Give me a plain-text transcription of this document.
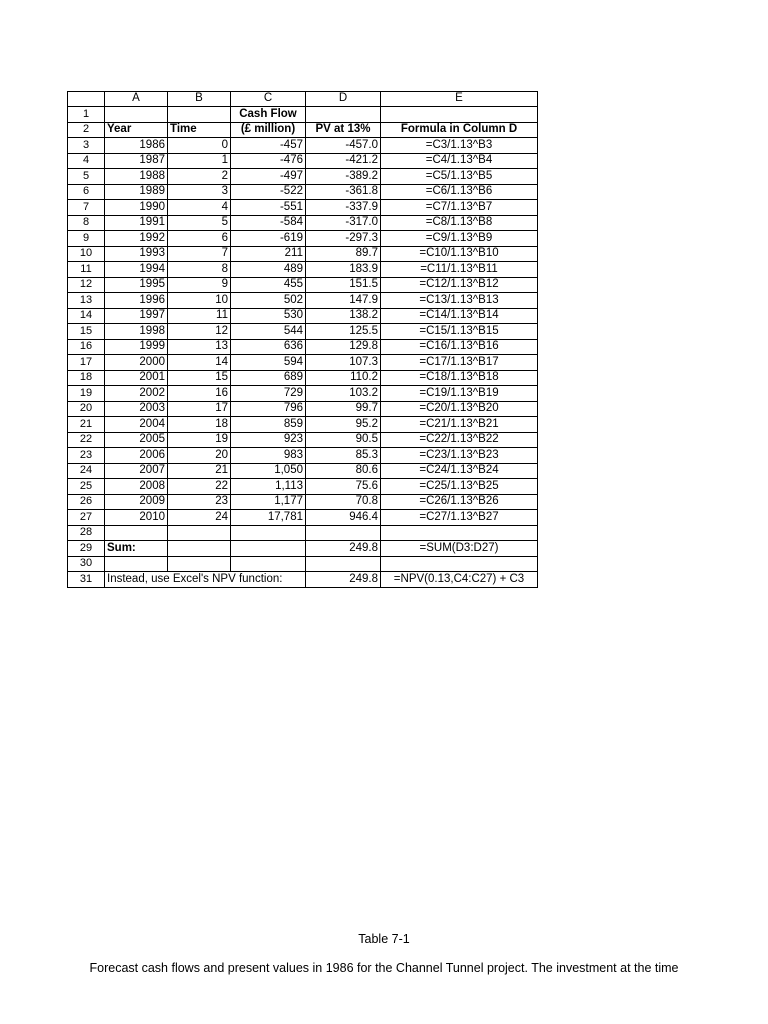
	A	B	C	D	E
1			Cash Flow		
2	Year	Time	(£ million)	PV at 13%	Formula in Column D
3	1986	0	-457	-457.0	=C3/1.13^B3
4	1987	1	-476	-421.2	=C4/1.13^B4
5	1988	2	-497	-389.2	=C5/1.13^B5
6	1989	3	-522	-361.8	=C6/1.13^B6
7	1990	4	-551	-337.9	=C7/1.13^B7
8	1991	5	-584	-317.0	=C8/1.13^B8
9	1992	6	-619	-297.3	=C9/1.13^B9
10	1993	7	211	89.7	=C10/1.13^B10
11	1994	8	489	183.9	=C11/1.13^B11
12	1995	9	455	151.5	=C12/1.13^B12
13	1996	10	502	147.9	=C13/1.13^B13
14	1997	11	530	138.2	=C14/1.13^B14
15	1998	12	544	125.5	=C15/1.13^B15
16	1999	13	636	129.8	=C16/1.13^B16
17	2000	14	594	107.3	=C17/1.13^B17
18	2001	15	689	110.2	=C18/1.13^B18
19	2002	16	729	103.2	=C19/1.13^B19
20	2003	17	796	99.7	=C20/1.13^B20
21	2004	18	859	95.2	=C21/1.13^B21
22	2005	19	923	90.5	=C22/1.13^B22
23	2006	20	983	85.3	=C23/1.13^B23
24	2007	21	1,050	80.6	=C24/1.13^B24
25	2008	22	1,113	75.6	=C25/1.13^B25
26	2009	23	1,177	70.8	=C26/1.13^B26
27	2010	24	17,781	946.4	=C27/1.13^B27
28					
29	Sum:			249.8	=SUM(D3:D27)
30					
31	Instead, use Excel's NPV function:			249.8	=NPV(0.13,C4:C27) + C3
Table 7-1
Forecast cash flows and present values in 1986 for the Channel Tunnel project. The investment at the time
